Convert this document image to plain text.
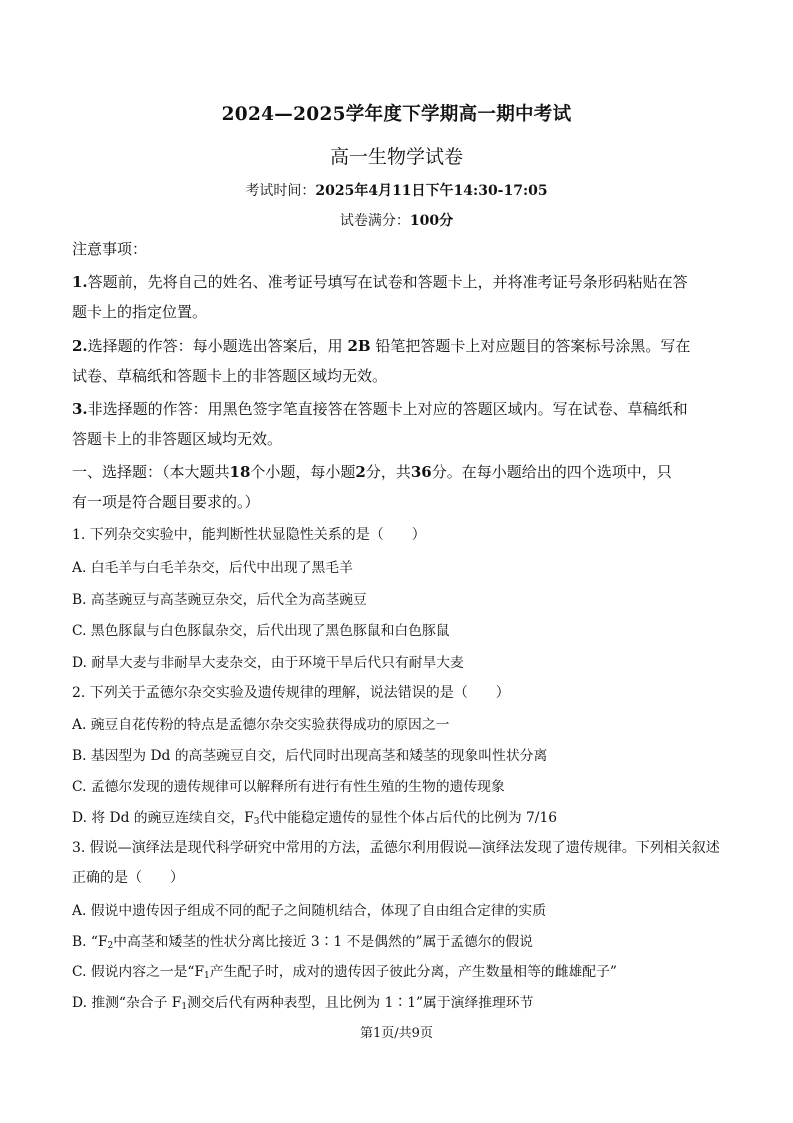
2024—2025学年度下学期高一期中考试
高一生物学试卷
考试时间：2025年4月11日下午14:30-17:05
试卷满分：100分
注意事项：
1.答题前，先将自己的姓名、准考证号填写在试卷和答题卡上，并将准考证号条形码粘贴在答
题卡上的指定位置。
2.选择题的作答：每小题选出答案后，用 2B 铅笔把答题卡上对应题目的答案标号涂黑。写在
试卷、草稿纸和答题卡上的非答题区域均无效。
3.非选择题的作答：用黑色签字笔直接答在答题卡上对应的答题区域内。写在试卷、草稿纸和
答题卡上的非答题区域均无效。
一、选择题：（本大题共18个小题，每小题2分，共36分。在每小题给出的四个选项中，只
有一项是符合题目要求的。）
1. 下列杂交实验中，能判断性状显隐性关系的是（　　）
A. 白毛羊与白毛羊杂交，后代中出现了黑毛羊
B. 高茎豌豆与高茎豌豆杂交，后代全为高茎豌豆
C. 黑色豚鼠与白色豚鼠杂交，后代出现了黑色豚鼠和白色豚鼠
D. 耐旱大麦与非耐旱大麦杂交，由于环境干旱后代只有耐旱大麦
2. 下列关于孟德尔杂交实验及遗传规律的理解，说法错误的是（　　）
A. 豌豆自花传粉的特点是孟德尔杂交实验获得成功的原因之一
B. 基因型为 Dd 的高茎豌豆自交，后代同时出现高茎和矮茎的现象叫性状分离
C. 孟德尔发现的遗传规律可以解释所有进行有性生殖的生物的遗传现象
D. 将 Dd 的豌豆连续自交，$F_3$代中能稳定遗传的显性个体占后代的比例为 7/16
3. 假说—演绎法是现代科学研究中常用的方法，孟德尔利用假说—演绎法发现了遗传规律。下列相关叙述
正确的是（　　）
A. 假说中遗传因子组成不同的配子之间随机结合，体现了自由组合定律的实质
B. “$F_2$中高茎和矮茎的性状分离比接近 3∶1 不是偶然的”属于孟德尔的假说
C. 假说内容之一是“$F_1$产生配子时，成对的遗传因子彼此分离，产生数量相等的雌雄配子”
D. 推测“杂合子 $F_1$测交后代有两种表型，且比例为 1∶1”属于演绎推理环节
第1页/共9页
